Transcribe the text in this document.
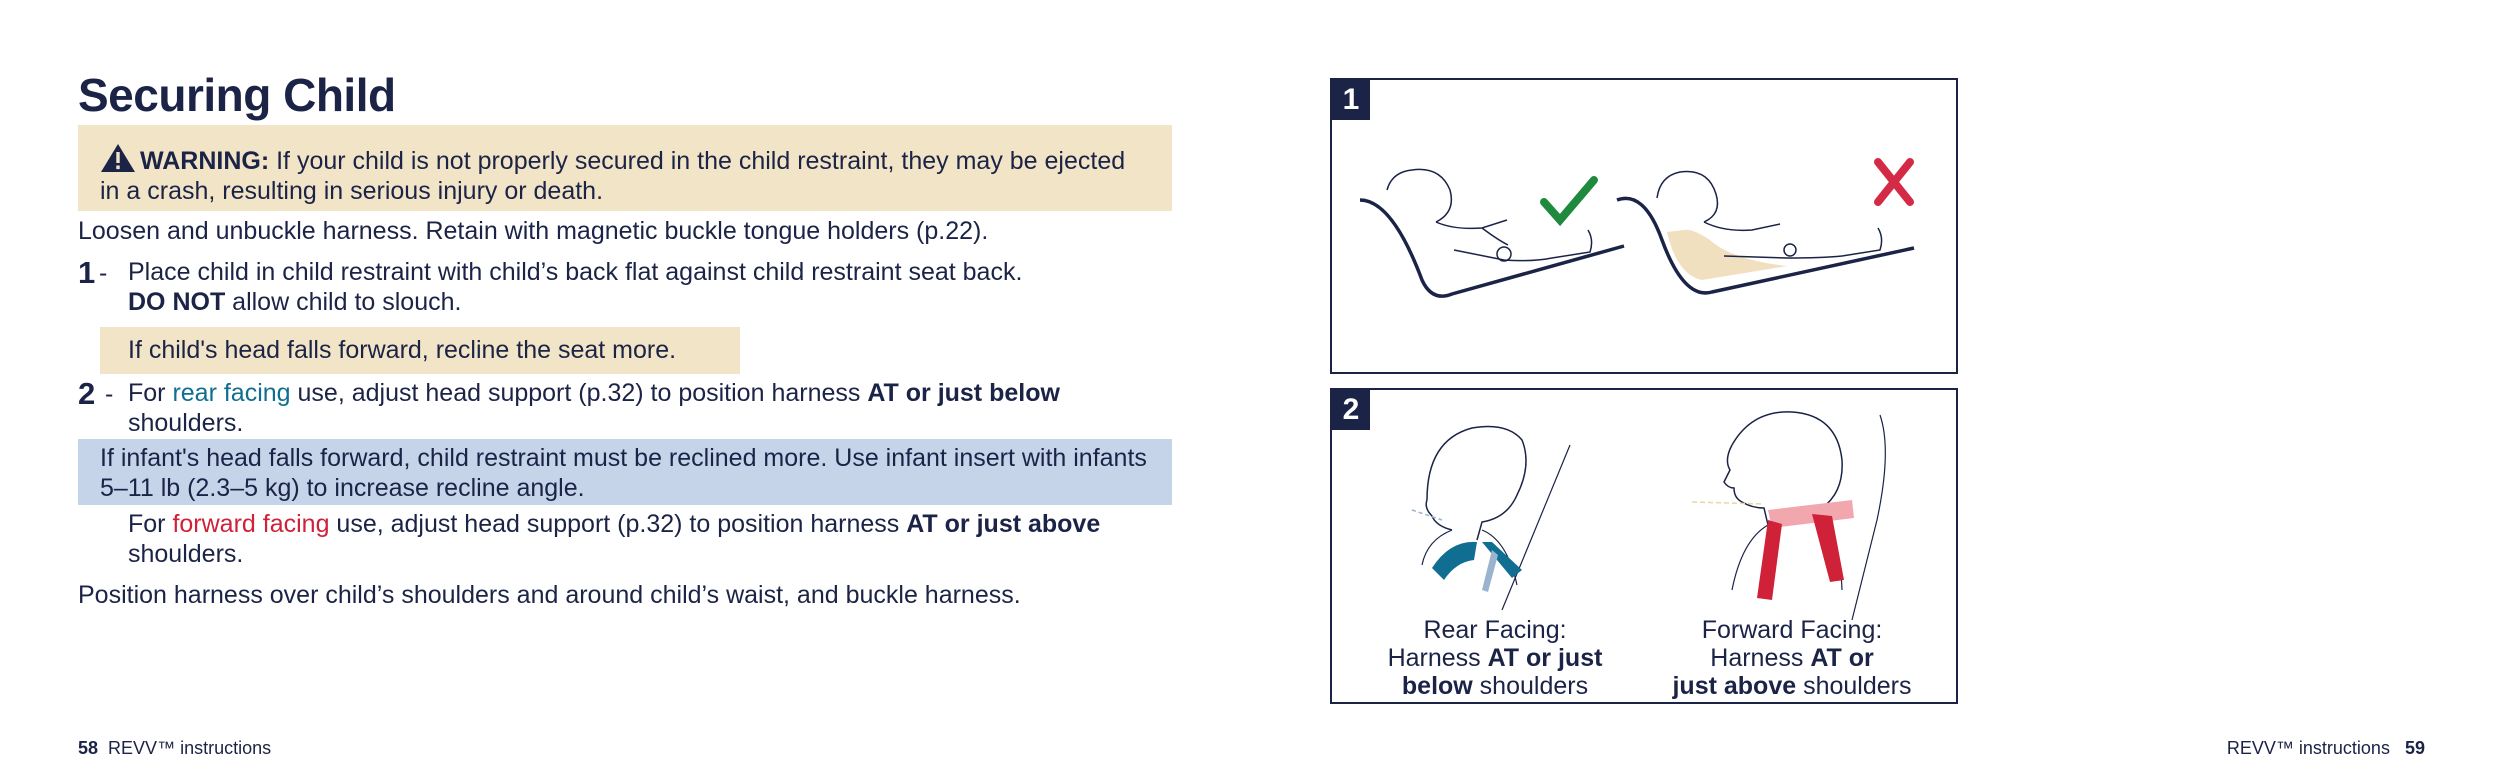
Securing Child
WARNING: If your child is not properly secured in the child restraint, they may be ejected in a crash, resulting in serious injury or death.
Loosen and unbuckle harness. Retain with magnetic buckle tongue holders (p.22).
1 - Place child in child restraint with child’s back flat against child restraint seat back.
DO NOT allow child to slouch.
If child's head falls forward, recline the seat more.
2 - For rear facing use, adjust head support (p.32) to position harness AT or just below
shoulders.
If infant's head falls forward, child restraint must be reclined more. Use infant insert with infants 5–11 lb (2.3–5 kg) to increase recline angle.
For forward facing use, adjust head support (p.32) to position harness AT or just above
shoulders.
Position harness over child’s shoulders and around child’s waist, and buckle harness.
1
2
Rear Facing:
Harness AT or just
below shoulders
Forward Facing:
Harness AT or
just above shoulders
58 REVV™ instructions	REVV™ instructions 59
